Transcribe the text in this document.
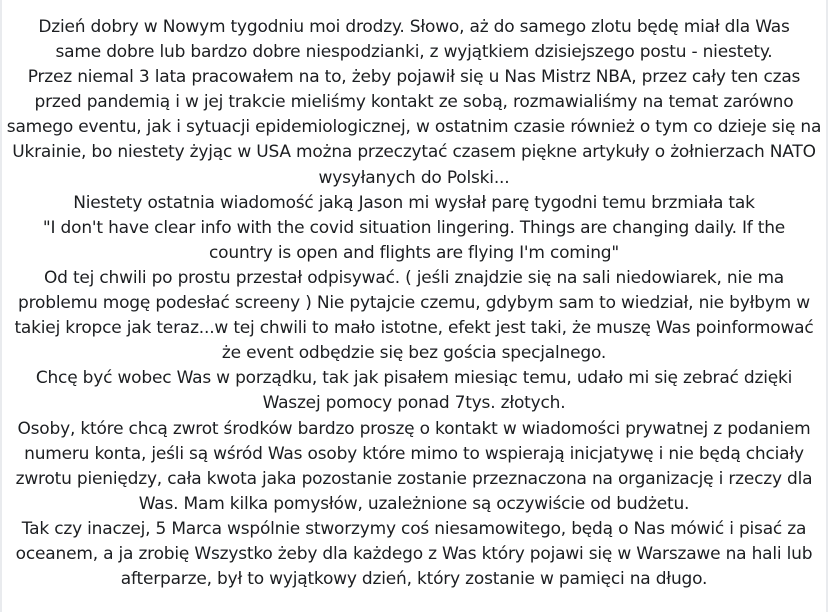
Dzień dobry w Nowym tygodniu moi drodzy. Słowo, aż do samego zlotu będę miał dla Was
same dobre lub bardzo dobre niespodzianki, z wyjątkiem dzisiejszego postu - niestety.
Przez niemal 3 lata pracowałem na to, żeby pojawił się u Nas Mistrz NBA, przez cały ten czas
przed pandemią i w jej trakcie mieliśmy kontakt ze sobą, rozmawialiśmy na temat zarówno
samego eventu, jak i sytuacji epidemiologicznej, w ostatnim czasie również o tym co dzieje się na
Ukrainie, bo niestety żyjąc w USA można przeczytać czasem piękne artykuły o żołnierzach NATO
wysyłanych do Polski...
Niestety ostatnia wiadomość jaką Jason mi wysłał parę tygodni temu brzmiała tak
"I don't have clear info with the covid situation lingering. Things are changing daily. If the
country is open and flights are flying I'm coming"
Od tej chwili po prostu przestał odpisywać. ( jeśli znajdzie się na sali niedowiarek, nie ma
problemu mogę podesłać screeny ) Nie pytajcie czemu, gdybym sam to wiedział, nie byłbym w
takiej kropce jak teraz...w tej chwili to mało istotne, efekt jest taki, że muszę Was poinformować
że event odbędzie się bez gościa specjalnego.
Chcę być wobec Was w porządku, tak jak pisałem miesiąc temu, udało mi się zebrać dzięki
Waszej pomocy ponad 7tys. złotych.
Osoby, które chcą zwrot środków bardzo proszę o kontakt w wiadomości prywatnej z podaniem
numeru konta, jeśli są wśród Was osoby które mimo to wspierają inicjatywę i nie będą chciały
zwrotu pieniędzy, cała kwota jaka pozostanie zostanie przeznaczona na organizację i rzeczy dla
Was. Mam kilka pomysłów, uzależnione są oczywiście od budżetu.
Tak czy inaczej, 5 Marca wspólnie stworzymy coś niesamowitego, będą o Nas mówić i pisać za
oceanem, a ja zrobię Wszystko żeby dla każdego z Was który pojawi się w Warszawe na hali lub
afterparze, był to wyjątkowy dzień, który zostanie w pamięci na długo.
